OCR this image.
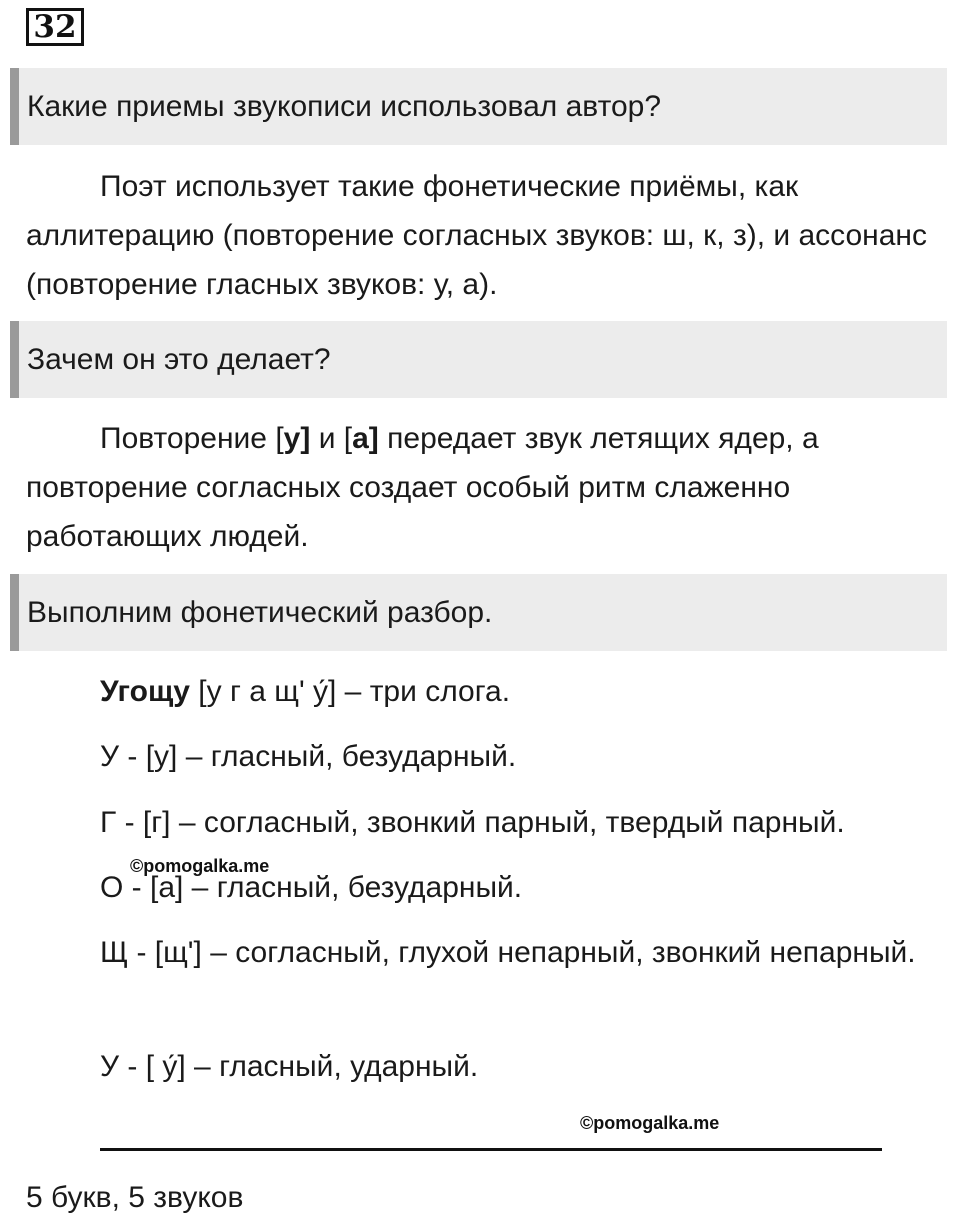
32
Какие приемы звукописи использовал автор?
Поэт использует такие фонетические приёмы, как аллитерацию (повторение согласных звуков: ш, к, з), и ассонанс (повторение гласных звуков: у, а).
Зачем он это делает?
Повторение [у] и [а] передает звук летящих ядер, а повторение согласных создает особый ритм слаженно работающих людей.
Выполним фонетический разбор.
Угощу [у г а щ' у́] – три слога.
У - [у] – гласный, безударный.
Г - [г] – согласный, звонкий парный, твердый парный.
©pomogalka.me
О - [а] – гласный, безударный.
Щ - [щ'] – согласный, глухой непарный, звонкий непарный.
У - [ у́] – гласный, ударный.
©pomogalka.me
5 букв, 5 звуков
